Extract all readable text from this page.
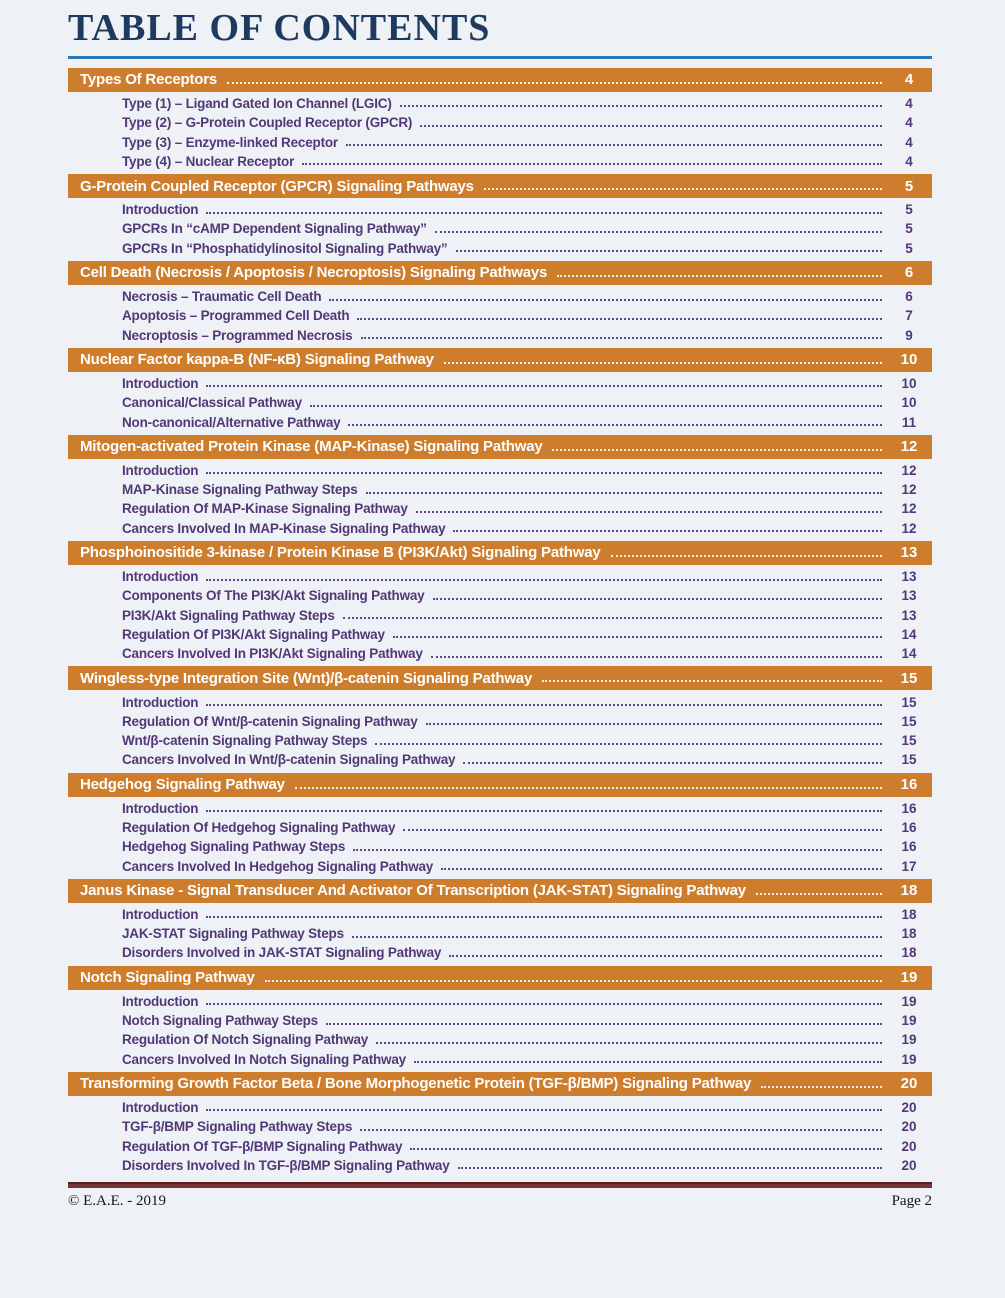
TABLE OF CONTENTS
Types Of Receptors	4
Type (1) – Ligand Gated Ion Channel (LGIC)	4
Type (2) – G-Protein Coupled Receptor (GPCR)	4
Type (3) – Enzyme-linked Receptor	4
Type (4) – Nuclear Receptor	4
G-Protein Coupled Receptor (GPCR) Signaling Pathways	5
Introduction	5
GPCRs In “cAMP Dependent Signaling Pathway”	5
GPCRs In “Phosphatidylinositol Signaling Pathway”	5
Cell Death (Necrosis / Apoptosis / Necroptosis) Signaling Pathways	6
Necrosis – Traumatic Cell Death	6
Apoptosis – Programmed Cell Death	7
Necroptosis – Programmed Necrosis	9
Nuclear Factor kappa-B (NF-κB) Signaling Pathway	10
Introduction	10
Canonical/Classical Pathway	10
Non-canonical/Alternative Pathway	11
Mitogen-activated Protein Kinase (MAP-Kinase) Signaling Pathway	12
Introduction	12
MAP-Kinase Signaling Pathway Steps	12
Regulation Of MAP-Kinase Signaling Pathway	12
Cancers Involved In MAP-Kinase Signaling Pathway	12
Phosphoinositide 3-kinase / Protein Kinase B (PI3K/Akt) Signaling Pathway	13
Introduction	13
Components Of The PI3K/Akt Signaling Pathway	13
PI3K/Akt Signaling Pathway Steps	13
Regulation Of PI3K/Akt Signaling Pathway	14
Cancers Involved In PI3K/Akt Signaling Pathway	14
Wingless-type Integration Site (Wnt)/β-catenin Signaling Pathway	15
Introduction	15
Regulation Of Wnt/β-catenin Signaling Pathway	15
Wnt/β-catenin Signaling Pathway Steps	15
Cancers Involved In Wnt/β-catenin Signaling Pathway	15
Hedgehog Signaling Pathway	16
Introduction	16
Regulation Of Hedgehog Signaling Pathway	16
Hedgehog Signaling Pathway Steps	16
Cancers Involved In Hedgehog Signaling Pathway	17
Janus Kinase - Signal Transducer And Activator Of Transcription (JAK-STAT) Signaling Pathway	18
Introduction	18
JAK-STAT Signaling Pathway Steps	18
Disorders Involved in JAK-STAT Signaling Pathway	18
Notch Signaling Pathway	19
Introduction	19
Notch Signaling Pathway Steps	19
Regulation Of Notch Signaling Pathway	19
Cancers Involved In Notch Signaling Pathway	19
Transforming Growth Factor Beta / Bone Morphogenetic Protein (TGF-β/BMP) Signaling Pathway	20
Introduction	20
TGF-β/BMP Signaling Pathway Steps	20
Regulation Of TGF-β/BMP Signaling Pathway	20
Disorders Involved In TGF-β/BMP Signaling Pathway	20
© E.A.E. - 2019	Page 2
